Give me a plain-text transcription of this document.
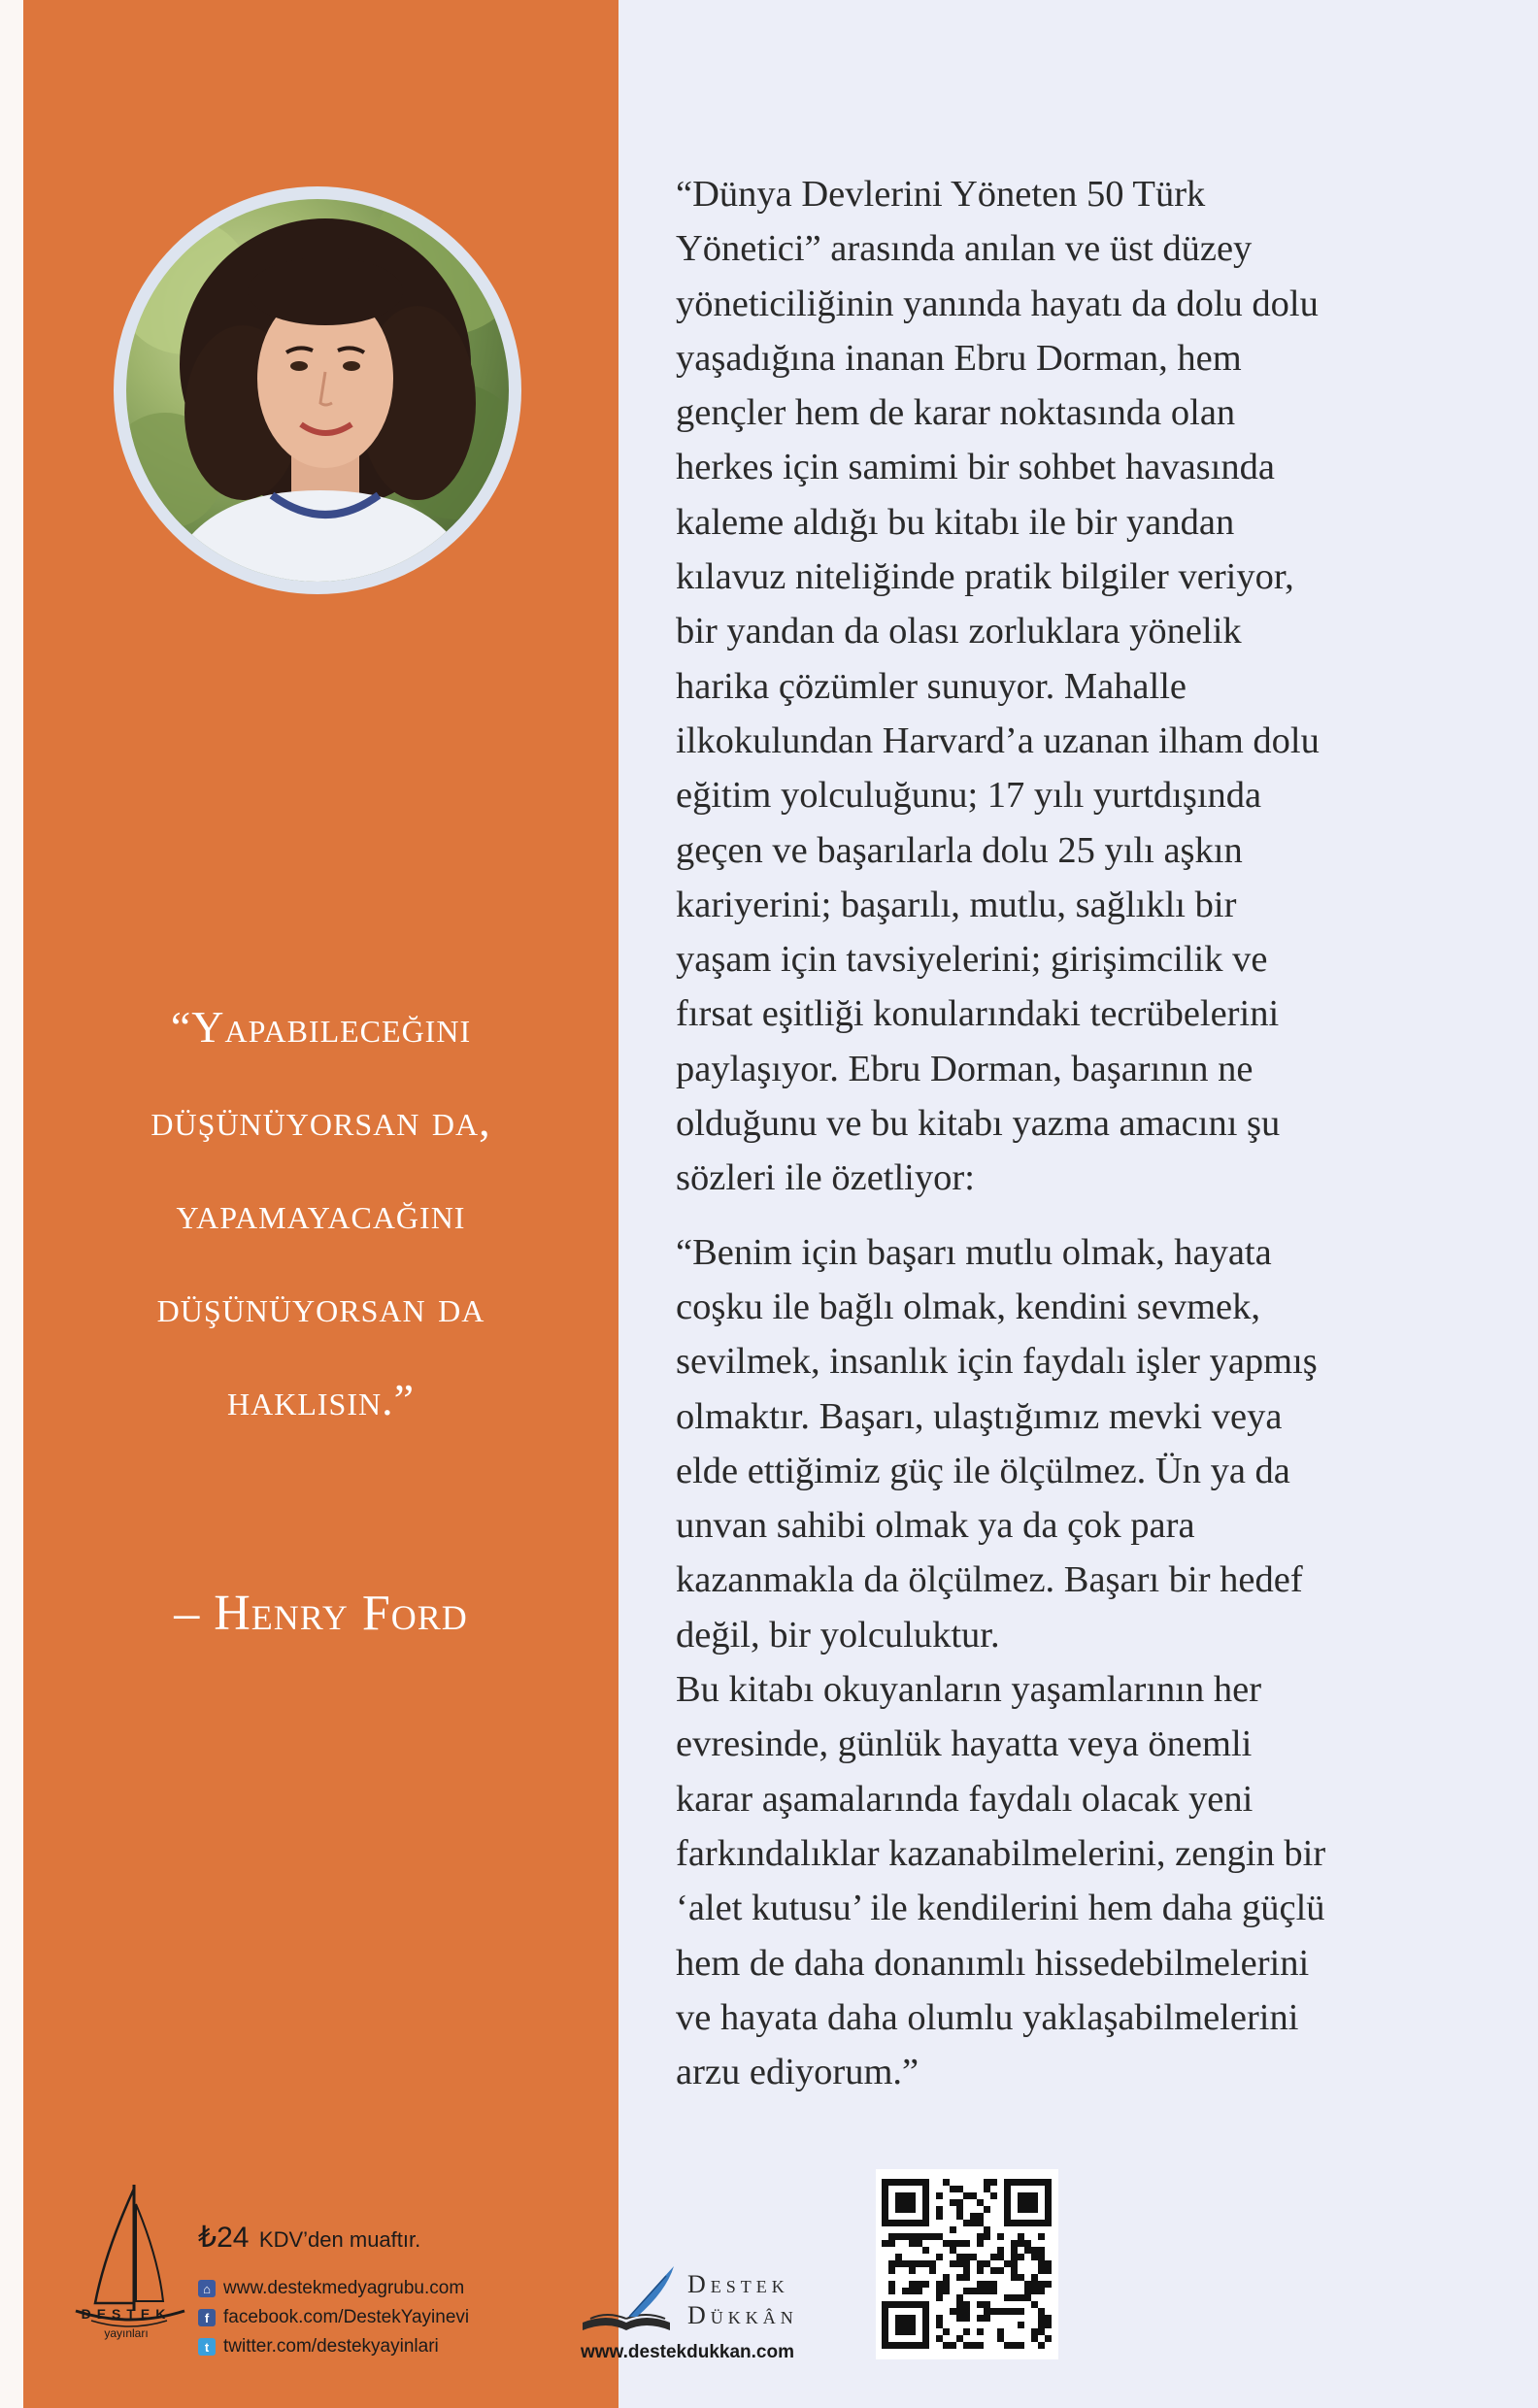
“Yapabileceğini
düşünüyorsan da,
yapamayacağını
düşünüyorsan da
haklısın.”
– Henry Ford
“Dünya Devlerini Yöneten 50 Türk
Yönetici” arasında anılan ve üst düzey
yöneticiliğinin yanında hayatı da dolu dolu
yaşadığına inanan Ebru Dorman, hem
gençler hem de karar noktasında olan
herkes için samimi bir sohbet havasında
kaleme aldığı bu kitabı ile bir yandan
kılavuz niteliğinde pratik bilgiler veriyor,
bir yandan da olası zorluklara yönelik
harika çözümler sunuyor. Mahalle
ilkokulundan Harvard’a uzanan ilham dolu
eğitim yolculuğunu; 17 yılı yurtdışında
geçen ve başarılarla dolu 25 yılı aşkın
kariyerini; başarılı, mutlu, sağlıklı bir
yaşam için tavsiyelerini; girişimcilik ve
fırsat eşitliği konularındaki tecrübelerini
paylaşıyor. Ebru Dorman, başarının ne
olduğunu ve bu kitabı yazma amacını şu
sözleri ile özetliyor:
“Benim için başarı mutlu olmak, hayata
coşku ile bağlı olmak, kendini sevmek,
sevilmek, insanlık için faydalı işler yapmış
olmaktır. Başarı, ulaştığımız mevki veya
elde ettiğimiz güç ile ölçülmez. Ün ya da
unvan sahibi olmak ya da çok para
kazanmakla da ölçülmez. Başarı bir hedef
değil, bir yolculuktur.
Bu kitabı okuyanların yaşamlarının her
evresinde, günlük hayatta veya önemli
karar aşamalarında faydalı olacak yeni
farkındalıklar kazanabilmelerini, zengin bir
‘alet kutusu’ ile kendilerini hem daha güçlü
hem de daha donanımlı hissedebilmelerini
ve hayata daha olumlu yaklaşabilmelerini
arzu ediyorum.”
DESTEK
yayınları
₺24 KDV’den muaftır.
⌂ www.destekmedyagrubu.com
f facebook.com/DestekYayinevi
t twitter.com/destekyayinlari
Destek
Dükkân
www.destekdukkan.com
